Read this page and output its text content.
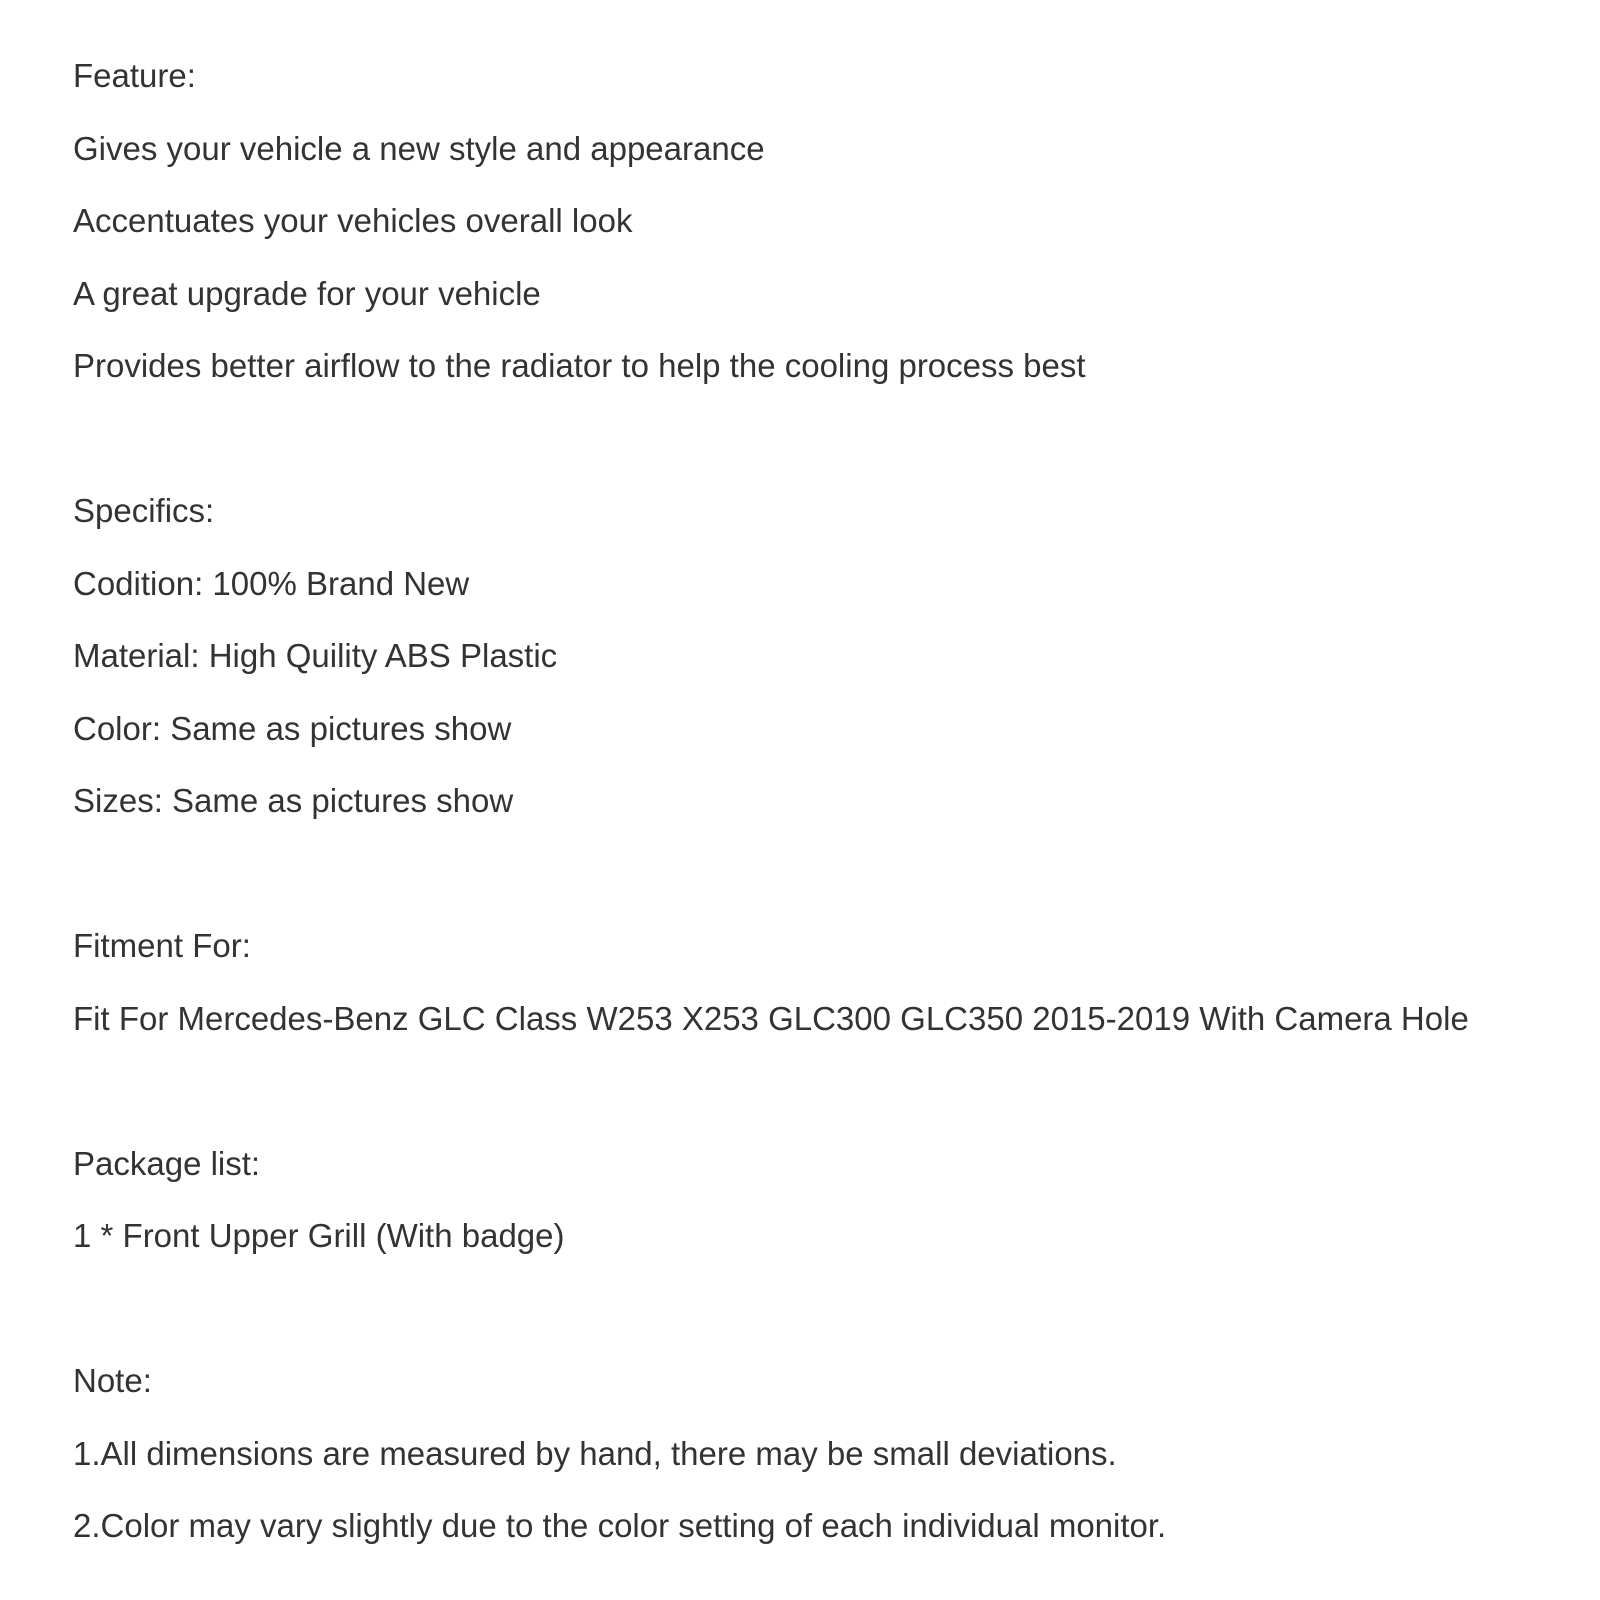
Feature:
Gives your vehicle a new style and appearance
Accentuates your vehicles overall look
A great upgrade for your vehicle
Provides better airflow to the radiator to help the cooling process best
Specifics:
Codition: 100% Brand New
Material: High Quility ABS Plastic
Color: Same as pictures show
Sizes: Same as pictures show
Fitment For:
Fit For Mercedes-Benz GLC Class W253 X253 GLC300 GLC350 2015-2019 With Camera Hole
Package list:
1 * Front Upper Grill (With badge)
Note:
1.All dimensions are measured by hand, there may be small deviations.
2.Color may vary slightly due to the color setting of each individual monitor.
